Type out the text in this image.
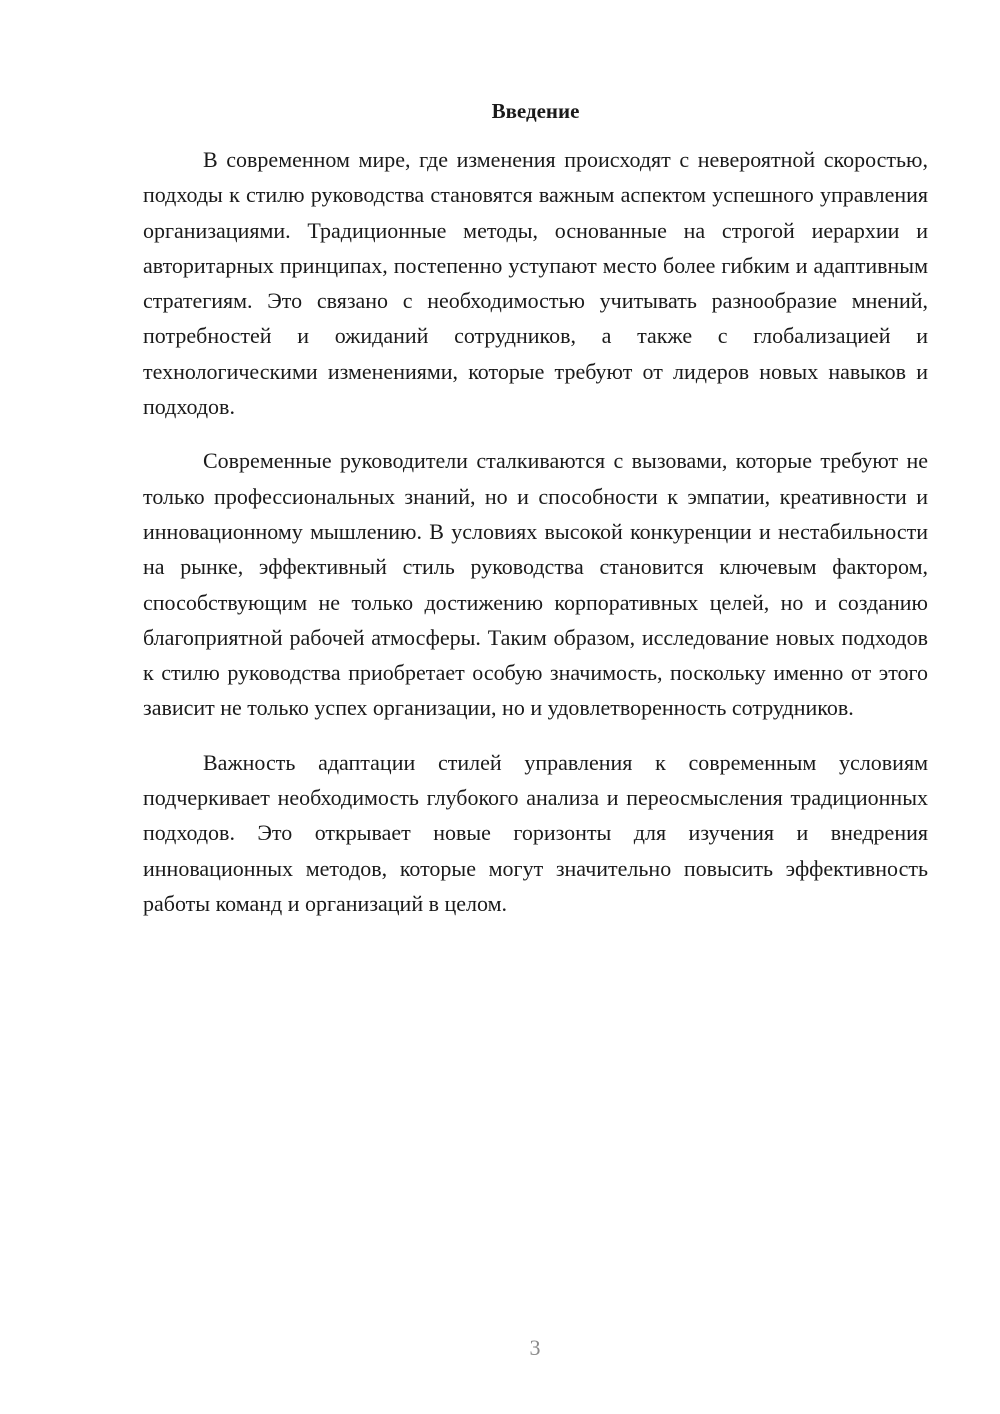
Введение

В современном мире, где изменения происходят с невероятной скоростью, подходы к стилю руководства становятся важным аспектом успешного управления организациями. Традиционные методы, основанные на строгой иерархии и авторитарных принципах, постепенно уступают место более гибким и адаптивным стратегиям. Это связано с необходимостью учитывать разнообразие мнений, потребностей и ожиданий сотрудников, а также с глобализацией и технологическими изменениями, которые требуют от лидеров новых навыков и подходов.

Современные руководители сталкиваются с вызовами, которые требуют не только профессиональных знаний, но и способности к эмпатии, креативности и инновационному мышлению. В условиях высокой конкуренции и нестабильности на рынке, эффективный стиль руководства становится ключевым фактором, способствующим не только достижению корпоративных целей, но и созданию благоприятной рабочей атмосферы. Таким образом, исследование новых подходов к стилю руководства приобретает особую значимость, поскольку именно от этого зависит не только успех организации, но и удовлетворенность сотрудников.

Важность адаптации стилей управления к современным условиям подчеркивает необходимость глубокого анализа и переосмысления традиционных подходов. Это открывает новые горизонты для изучения и внедрения инновационных методов, которые могут значительно повысить эффективность работы команд и организаций в целом.

3
